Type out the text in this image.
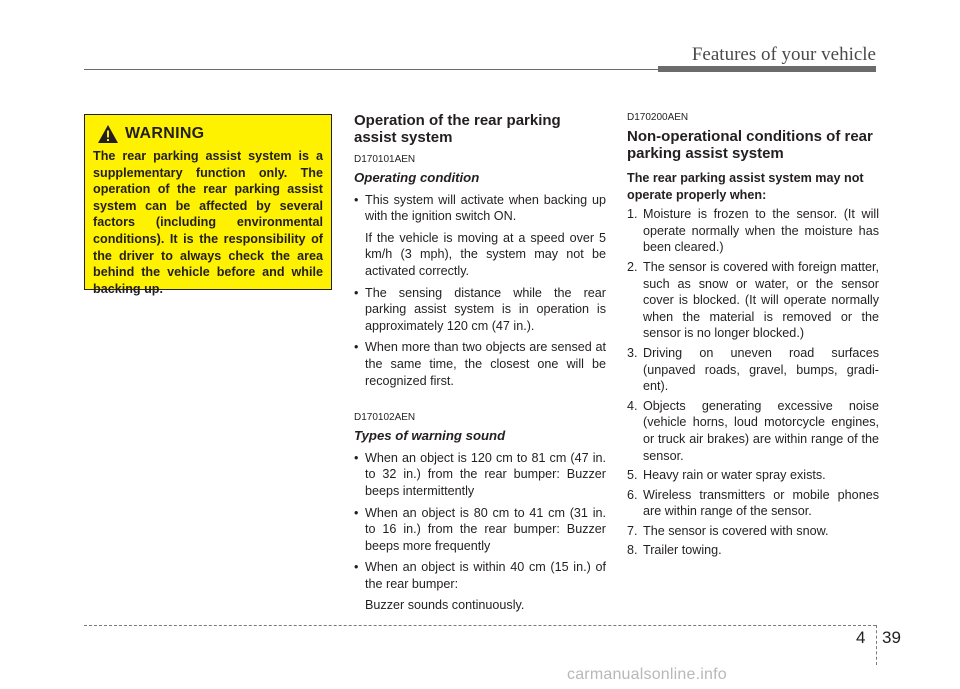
Features of your vehicle
WARNING
The rear parking assist system is a supplementary function only. The operation of the rear parking assist system can be affected by several factors (including environmental conditions). It is the responsibility of the driver to always check the area behind the vehicle before and while backing up.
Operation of the rear parking assist system
D170101AEN
Operating condition
• This system will activate when backing up with the ignition switch ON.
If the vehicle is moving at a speed over 5 km/h (3 mph), the system may not be activated correctly.
• The sensing distance while the rear parking assist system is in operation is approximately 120 cm (47 in.).
• When more than two objects are sensed at the same time, the closest one will be recognized first.
D170102AEN
Types of warning sound
• When an object is 120 cm to 81 cm (47 in. to 32 in.) from the rear bumper: Buzzer beeps intermittently
• When an object is 80 cm to 41 cm (31 in. to 16 in.) from the rear bumper: Buzzer beeps more frequently
• When an object is within 40 cm (15 in.) of the rear bumper:
Buzzer sounds continuously.
D170200AEN
Non-operational conditions of rear parking assist system
The rear parking assist system may not operate properly when:
1. Moisture is frozen to the sensor. (It will operate normally when the moisture has been cleared.)
2. The sensor is covered with foreign matter, such as snow or water, or the sensor cover is blocked. (It will operate normally when the material is removed or the sensor is no longer blocked.)
3. Driving on uneven road surfaces (unpaved roads, gravel, bumps, gradi-ent).
4. Objects generating excessive noise (vehicle horns, loud motorcycle engines, or truck air brakes) are within range of the sensor.
5. Heavy rain or water spray exists.
6. Wireless transmitters or mobile phones are within range of the sensor.
7. The sensor is covered with snow.
8. Trailer towing.
4 39
carmanualsonline.info
